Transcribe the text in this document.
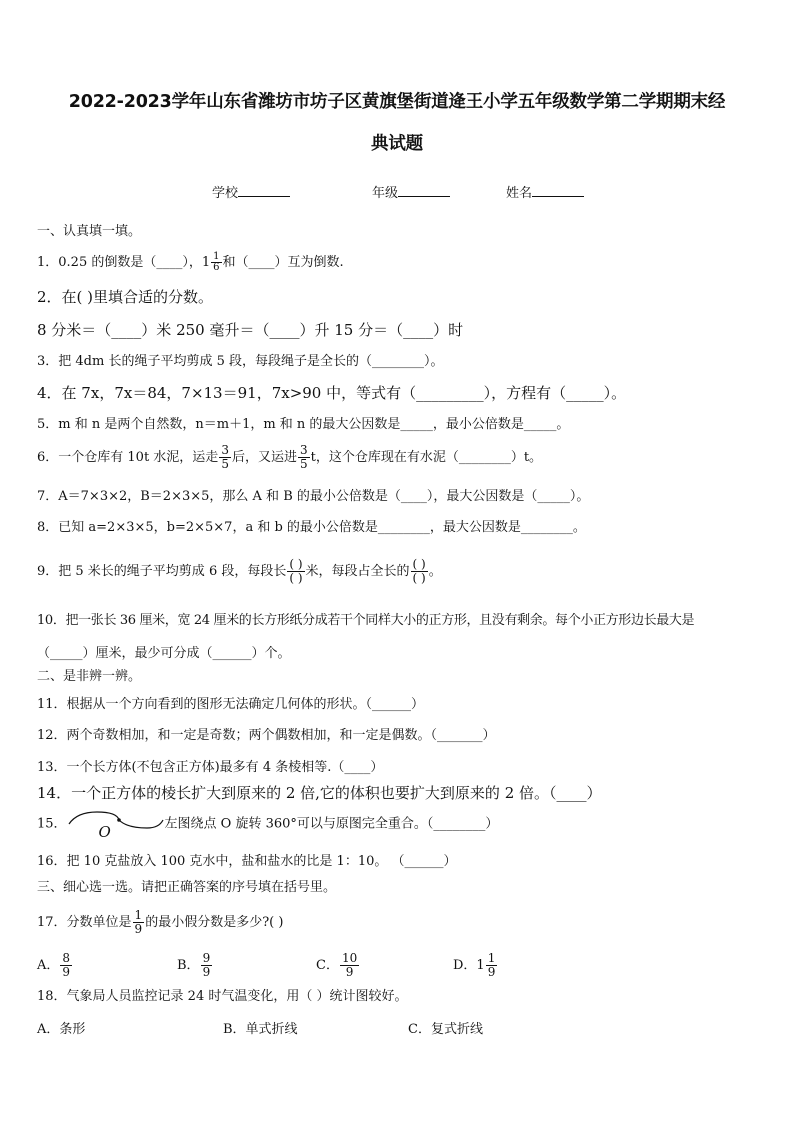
2022-2023学年山东省潍坊市坊子区黄旗堡街道逄王小学五年级数学第二学期期末经
典试题
学校	年级	姓名
一、认真填一填。
1．0.25 的倒数是（____），$1 \frac{1}{6}$ 和（____）互为倒数.
2．在( )里填合适的分数。
8 分米＝（____）米 250 毫升＝（____）升 15 分＝（____）时
3．把 4dm 长的绳子平均剪成 5 段，每段绳子是全长的（________）。
4．在 7x，7x＝84，7×13＝91，7x>90 中，等式有（_________），方程有（_____）。
5．m 和 n 是两个自然数，n＝m＋1，m 和 n 的最大公因数是_____，最小公倍数是_____。
6．一个仓库有 10t 水泥，运走 $\frac{3}{5}$ 后，又运进 $\frac{3}{5}$ t，这个仓库现在有水泥（________）t。
7．A＝7×3×2，B＝2×3×5，那么 A 和 B 的最小公倍数是（____），最大公因数是（_____）。
8．已知 a=2×3×5，b=2×5×7，a 和 b 的最小公倍数是________，最大公因数是________。
9．把 5 米长的绳子平均剪成 6 段，每段长 $\frac{( )}{( )}$ 米，每段占全长的 $\frac{( )}{( )}$ 。
10．把一张长 36 厘米，宽 24 厘米的长方形纸分成若干个同样大小的正方形，且没有剩余。每个小正方形边长最大是
（_____）厘米，最少可分成（______）个。
二、是非辨一辨。
11．根据从一个方向看到的图形无法确定几何体的形状。（______）
12．两个奇数相加，和一定是奇数；两个偶数相加，和一定是偶数。（_______）
13．一个长方体(不包含正方体)最多有 4 条棱相等.（____）
14．一个正方体的棱长扩大到原来的 2 倍,它的体积也要扩大到原来的 2 倍。（____）
15． O	左图绕点 O 旋转 360°可以与原图完全重合。（________）
16．把 10 克盐放入 100 克水中，盐和盐水的比是 1：10。 （______）
三、细心选一选。请把正确答案的序号填在括号里。
17．分数单位是 $\frac{1}{9}$ 的最小假分数是多少?( )
A． $\frac{8}{9}$	B． $\frac{9}{9}$	C． $\frac{10}{9}$	D．$1 \frac{1}{9}$
18．气象局人员监控记录 24 时气温变化，用（ ）统计图较好。
A．条形	B．单式折线	C．复式折线
